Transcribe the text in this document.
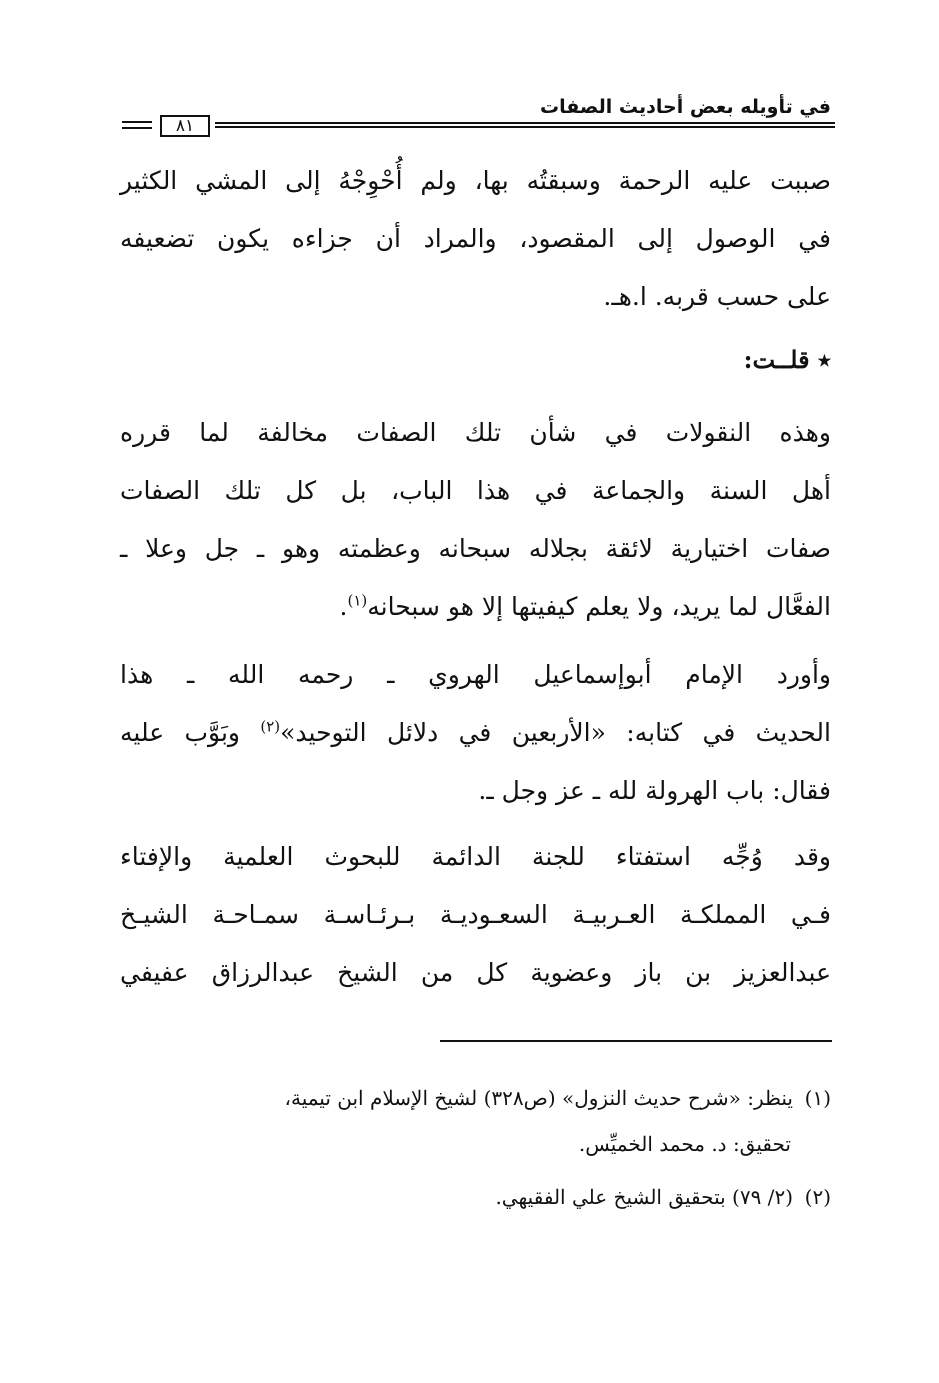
في تأويله بعض أحاديث الصفات
٨١
صببت عليه الرحمة وسبقتُه بها، ولم أُحْوِجْهُ إلى المشي الكثير
في الوصول إلى المقصود، والمراد أن جزاءه يكون تضعيفه
على حسب قربه. ا.هـ.
٭ قلــت:
وهذه النقولات في شأن تلك الصفات مخالفة لما قرره
أهل السنة والجماعة في هذا الباب، بل كل تلك الصفات
صفات اختيارية لائقة بجلاله سبحانه وعظمته وهو ـ جل وعلا ـ
الفعَّال لما يريد، ولا يعلم كيفيتها إلا هو سبحانه$^{(١)}$.
وأورد الإمام أبوإسماعيل الهروي ـ رحمه الله ـ هذا
الحديث في كتابه: «الأربعين في دلائل التوحيد»$^{(٢)}$ وبَوَّب عليه
فقال: باب الهرولة لله ـ عز وجل ـ.
وقد وُجِّه استفتاء للجنة الدائمة للبحوث العلمية والإفتاء
فـي المملكـة العـربيـة السعـوديـة بـرئـاسـة سمـاحـة الشيـخ
عبدالعزيز بن باز وعضوية كل من الشيخ عبدالرزاق عفيفي
(١)ينظر: «شرح حديث النزول» (ص٣٢٨) لشيخ الإسلام ابن تيمية،
تحقيق: د. محمد الخميِّس.
(٢)(٢/ ٧٩) بتحقيق الشيخ علي الفقيهي.
